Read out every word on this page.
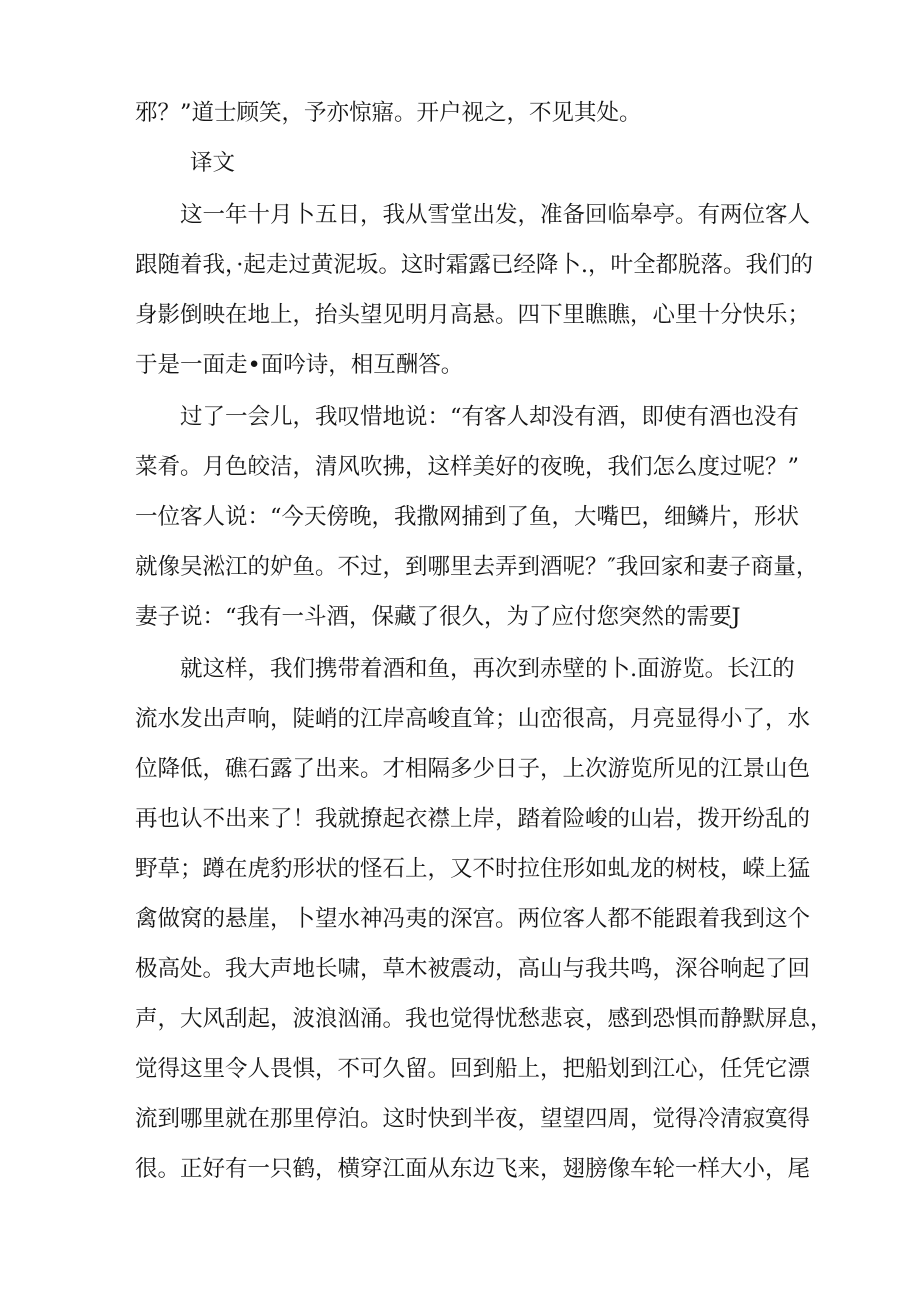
邪？”道士顾笑，予亦惊寤。开户视之，不见其处。
译文
这一年十月卜五日，我从雪堂出发，准备回临皋亭。有两位客人
跟随着我，·起走过黄泥坂。这时霜露已经降卜.，叶全都脱落。我们的
身影倒映在地上，抬头望见明月高悬。四下里瞧瞧，心里十分快乐；
于是一面走•面吟诗，相互酬答。
过了一会儿，我叹惜地说：“有客人却没有酒，即使有酒也没有
菜肴。月色皎洁，清风吹拂，这样美好的夜晚，我们怎么度过呢？”
一位客人说：“今天傍晚，我撒网捕到了鱼，大嘴巴，细鳞片，形状
就像吴淞江的妒鱼。不过，到哪里去弄到酒呢？″我回家和妻子商量，
妻子说：“我有一斗酒，保藏了很久，为了应付您突然的需要J
就这样，我们携带着酒和鱼，再次到赤壁的卜.面游览。长江的
流水发出声响，陡峭的江岸高峻直耸；山峦很高，月亮显得小了，水
位降低，礁石露了出来。才相隔多少日子，上次游览所见的江景山色
再也认不出来了！我就撩起衣襟上岸，踏着险峻的山岩，拨开纷乱的
野草；蹲在虎豹形状的怪石上，又不时拉住形如虬龙的树枝，嵘上猛
禽做窝的悬崖，卜望水神冯夷的深宫。两位客人都不能跟着我到这个
极高处。我大声地长啸，草木被震动，高山与我共鸣，深谷响起了回
声，大风刮起，波浪汹涌。我也觉得忧愁悲哀，感到恐惧而静默屏息，
觉得这里令人畏惧，不可久留。回到船上，把船划到江心，任凭它漂
流到哪里就在那里停泊。这时快到半夜，望望四周，觉得冷清寂寞得
很。正好有一只鹤，横穿江面从东边飞来，翅膀像车轮一样大小，尾
